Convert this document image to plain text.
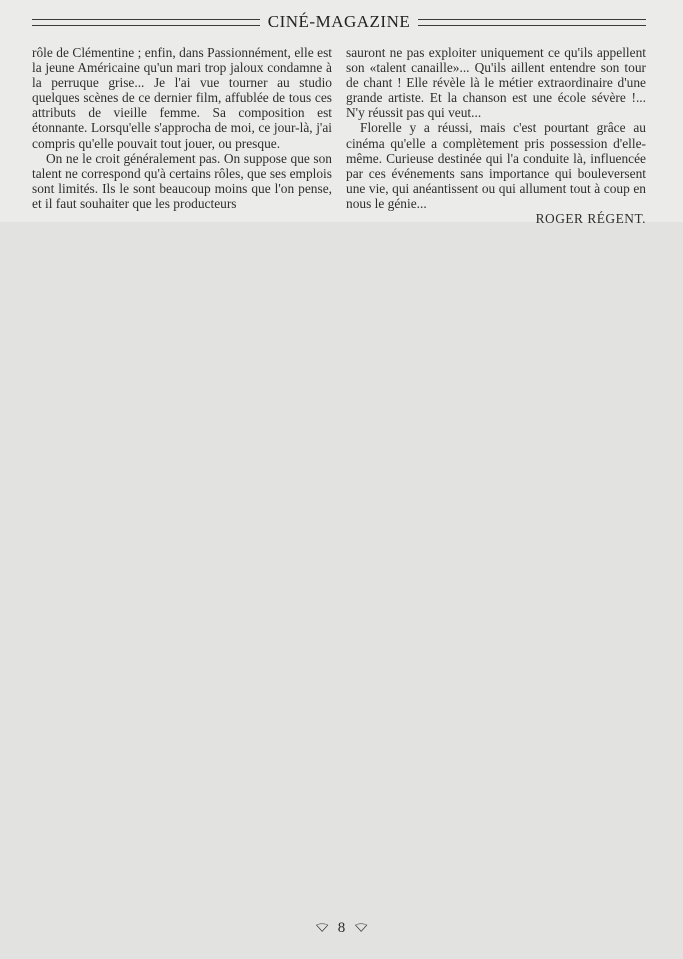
CINÉ-MAGAZINE

rôle de Clémentine ; enfin, dans Passionnément, elle est la jeune Américaine qu'un mari trop jaloux condamne à la perruque grise... Je l'ai vue tourner au studio quelques scènes de ce dernier film, affublée de tous ces attributs de vieille femme. Sa composition est étonnante. Lorsqu'elle s'approcha de moi, ce jour-là, j'ai compris qu'elle pouvait tout jouer, ou presque.

On ne le croit généralement pas. On suppose que son talent ne correspond qu'à certains rôles, que ses emplois sont limités. Ils le sont beaucoup moins que l'on pense, et il faut souhaiter que les producteurs

sauront ne pas exploiter uniquement ce qu'ils appellent son «talent canaille»... Qu'ils aillent entendre son tour de chant ! Elle révèle là le métier extraordinaire d'une grande artiste. Et la chanson est une école sévère !... N'y réussit pas qui veut...

Florelle y a réussi, mais c'est pourtant grâce au cinéma qu'elle a complètement pris possession d'elle-même. Curieuse destinée qui l'a conduite là, influencée par ces événements sans importance qui bouleversent une vie, qui anéantissent ou qui allument tout à coup en nous le génie...

ROGER RÉGENT.

⌔ 8 ⌔
